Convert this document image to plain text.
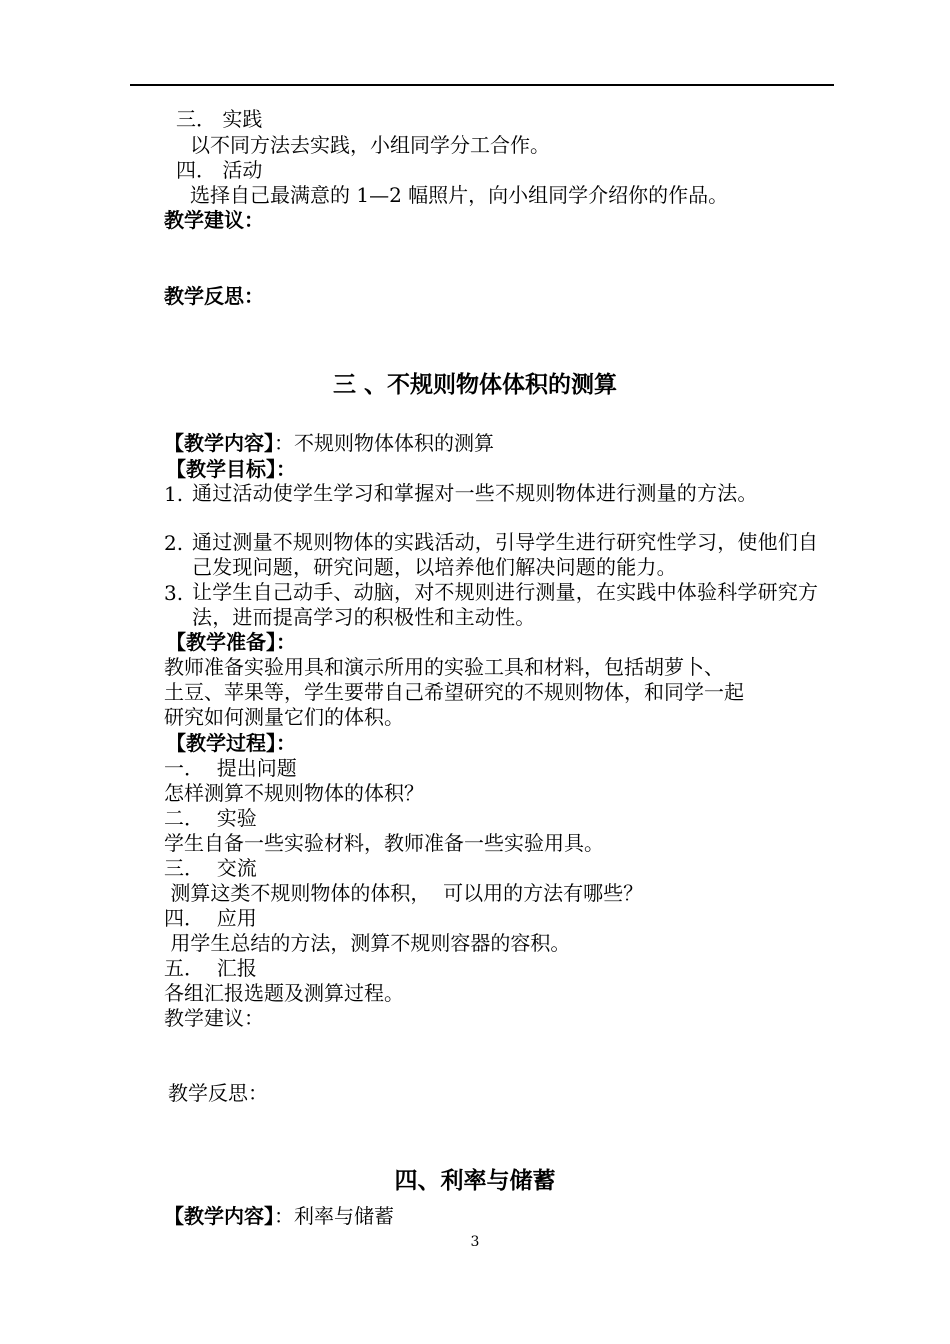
三． 实践
以不同方法去实践，小组同学分工合作。
四． 活动
选择自己最满意的 1—2 幅照片，向小组同学介绍你的作品。
教学建议：
教学反思：
三 、不规则物体体积的测算
【教学内容】：不规则物体体积的测算
【教学目标】：
1. 通过活动使学生学习和掌握对一些不规则物体进行测量的方法。
2. 通过测量不规则物体的实践活动，引导学生进行研究性学习，使他们自己发现问题，研究问题，以培养他们解决问题的能力。
3. 让学生自己动手、动脑，对不规则进行测量，在实践中体验科学研究方法，进而提高学习的积极性和主动性。
【教学准备】：
教师准备实验用具和演示所用的实验工具和材料，包括胡萝卜、
土豆、苹果等，学生要带自己希望研究的不规则物体，和同学一起
研究如何测量它们的体积。
【教学过程】：
一．  提出问题
怎样测算不规则物体的体积？
二．  实验
学生自备一些实验材料，教师准备一些实验用具。
三．  交流
测算这类不规则物体的体积，  可以用的方法有哪些？
四．  应用
用学生总结的方法，测算不规则容器的容积。
五．  汇报
各组汇报选题及测算过程。
教学建议：
教学反思：
四、利率与储蓄
【教学内容】：利率与储蓄
3
